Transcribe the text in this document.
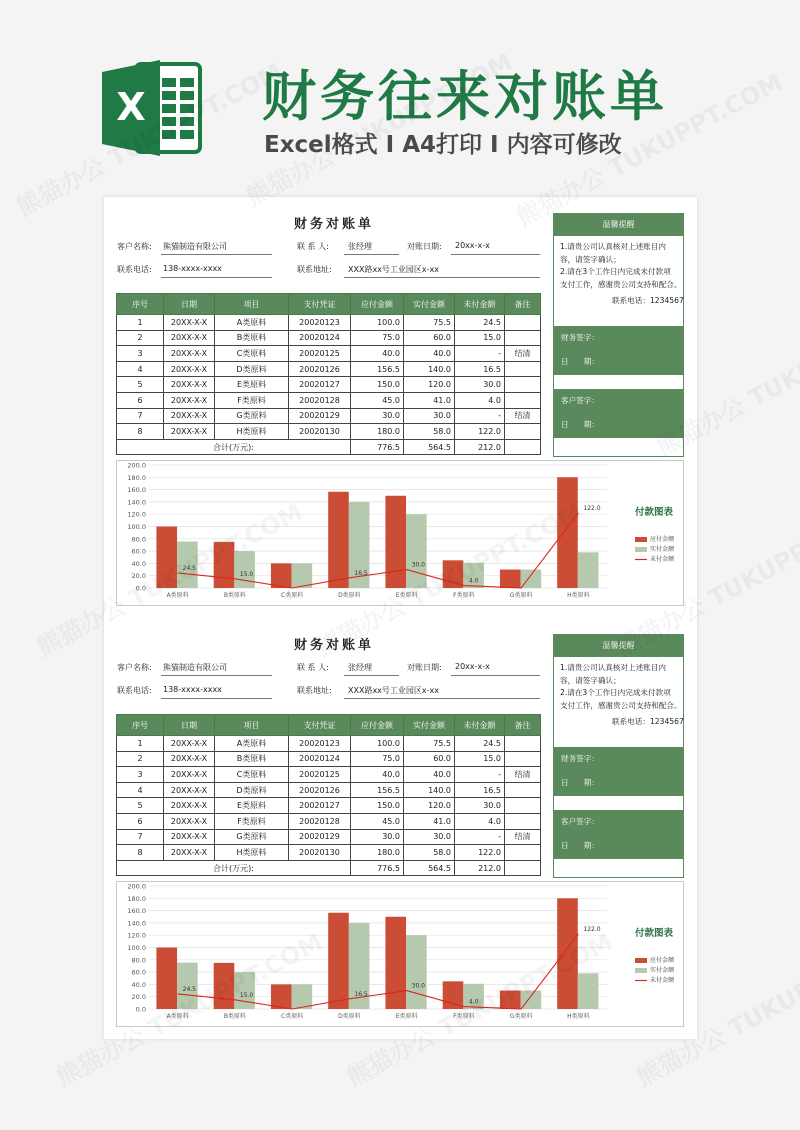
X 财务往来对账单
Excel格式 I A4打印 I 内容可修改
财务对账单
客户名称: 熊猫制造有限公司	联 系 人: 张经理	对账日期: 20xx-x-x
联系电话: 138-xxxx-xxxx	联系地址: XXX路xx号工业园区x-xx
序号	日期	项目	支付凭证	应付金额	实付金额	未付金额	备注
1	20XX-X-X	A类原料	20020123	100.0	75.5	24.5	
2	20XX-X-X	B类原料	20020124	75.0	60.0	15.0	
3	20XX-X-X	C类原料	20020125	40.0	40.0	-	结清
4	20XX-X-X	D类原料	20020126	156.5	140.0	16.5	
5	20XX-X-X	E类原料	20020127	150.0	120.0	30.0	
6	20XX-X-X	F类原料	20020128	45.0	41.0	4.0	
7	20XX-X-X	G类原料	20020129	30.0	30.0	-	结清
8	20XX-X-X	H类原料	20020130	180.0	58.0	122.0	
合计(万元):				776.5	564.5	212.0	
温馨提醒
1.请贵公司认真核对上述账目内
容，请签字确认；
2.请在3个工作日内完成未付款项
支付工作，感谢贵公司支持和配合。
联系电话：1234567
财务签字：
日　　期：
客户签字：
日　　期：
0.0
20.0
40.0
60.0
80.0
100.0
120.0
140.0
160.0
180.0
200.0
A类原料	B类原料	C类原料	D类原料	E类原料	F类原料	G类原料	H类原料
24.5
15.0	16.5
30.0
4.0
122.0	付款图表
应付金额
实付金额
未付金额
财务对账单
客户名称: 熊猫制造有限公司	联 系 人: 张经理	对账日期: 20xx-x-x
联系电话: 138-xxxx-xxxx	联系地址: XXX路xx号工业园区x-xx
序号	日期	项目	支付凭证	应付金额	实付金额	未付金额	备注
1	20XX-X-X	A类原料	20020123	100.0	75.5	24.5	
2	20XX-X-X	B类原料	20020124	75.0	60.0	15.0	
3	20XX-X-X	C类原料	20020125	40.0	40.0	-	结清
4	20XX-X-X	D类原料	20020126	156.5	140.0	16.5	
5	20XX-X-X	E类原料	20020127	150.0	120.0	30.0	
6	20XX-X-X	F类原料	20020128	45.0	41.0	4.0	
7	20XX-X-X	G类原料	20020129	30.0	30.0	-	结清
8	20XX-X-X	H类原料	20020130	180.0	58.0	122.0	
合计(万元):				776.5	564.5	212.0	
温馨提醒
1.请贵公司认真核对上述账目内
容，请签字确认；
2.请在3个工作日内完成未付款项
支付工作，感谢贵公司支持和配合。
联系电话：1234567
财务签字：
日　　期：
客户签字：
日　　期：
0.0
20.0
40.0
60.0
80.0
100.0
120.0
140.0
160.0
180.0
200.0
A类原料	B类原料	C类原料	D类原料	E类原料	F类原料	G类原料	H类原料
24.5
15.0	16.5
30.0
4.0
122.0	付款图表
应付金额
实付金额
未付金额
